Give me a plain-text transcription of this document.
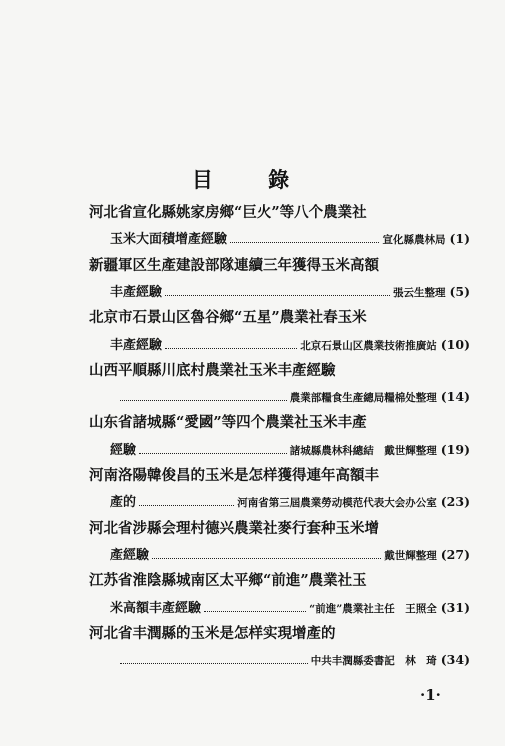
目 錄
河北省宣化縣姚家房鄉“巨火”等八个農業社
玉米大面積增產經驗	宣化縣農林局 (1)
新疆軍区生產建設部隊連續三年獲得玉米高額
丰產經驗	張云生整理 (5)
北京市石景山区魯谷鄉“五星”農業社春玉米
丰產經驗	北京石景山区農業技術推廣站 (10)
山西平順縣川底村農業社玉米丰產經驗
農業部糧食生產總局糧棉处整理 (14)
山东省諸城縣“愛國”等四个農業社玉米丰產
經驗	諸城縣農林科總結　戴世輝整理 (19)
河南洛陽韓俊昌的玉米是怎样獲得連年高額丰
產的	河南省第三屆農業勞动模范代表大会办公室 (23)
河北省涉縣会理村德兴農業社麥行套种玉米增
產經驗	戴世輝整理 (27)
江苏省淮陰縣城南区太平鄉“前進”農業社玉
米高額丰產經驗	“前進”農業社主任　王照全 (31)
河北省丰潤縣的玉米是怎样实現增產的
中共丰潤縣委書記　林　琦 (34)
·1·
